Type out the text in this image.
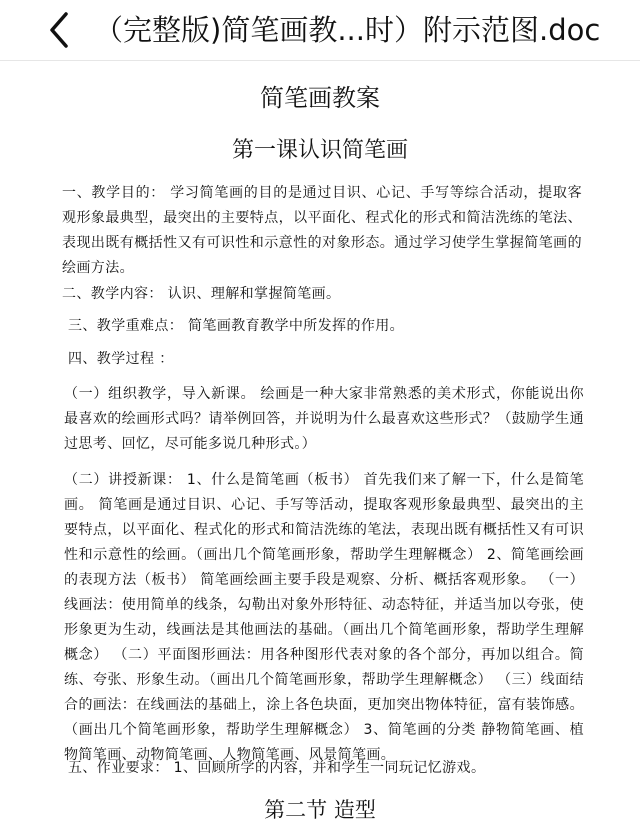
（完整版)简笔画教...时）附示范图.doc
简笔画教案
第一课认识简笔画
一、教学目的： 学习简笔画的目的是通过目识、心记、手写等综合活动，提取客观形象最典型，最突出的主要特点，以平面化、程式化的形式和简洁洗练的笔法、表现出既有概括性又有可识性和示意性的对象形态。通过学习使学生掌握简笔画的绘画方法。
二、教学内容： 认识、理解和掌握简笔画。
三、教学重难点： 简笔画教育教学中所发挥的作用。
四、教学过程 ：
（一）组织教学，导入新课。 绘画是一种大家非常熟悉的美术形式，你能说出你最喜欢的绘画形式吗？请举例回答，并说明为什么最喜欢这些形式？（鼓励学生通过思考、回忆，尽可能多说几种形式。）
（二）讲授新课： 1、什么是简笔画（板书） 首先我们来了解一下，什么是简笔画。 简笔画是通过目识、心记、手写等活动，提取客观形象最典型、最突出的主要特点，以平面化、程式化的形式和简洁洗练的笔法，表现出既有概括性又有可识性和示意性的绘画。（画出几个简笔画形象，帮助学生理解概念） 2、简笔画绘画的表现方法（板书） 简笔画绘画主要手段是观察、分析、概括客观形象。 （一）线画法：使用简单的线条，勾勒出对象外形特征、动态特征，并适当加以夸张，使形象更为生动，线画法是其他画法的基础。（画出几个简笔画形象，帮助学生理解概念） （二）平面图形画法：用各种图形代表对象的各个部分，再加以组合。简练、夸张、形象生动。（画出几个简笔画形象，帮助学生理解概念） （三）线面结合的画法：在线画法的基础上，涂上各色块面，更加突出物体特征，富有装饰感。（画出几个简笔画形象，帮助学生理解概念） 3、简笔画的分类 静物简笔画、植物简笔画、动物简笔画、人物简笔画、风景简笔画。
五、作业要求： 1、回顾所学的内容，并和学生一同玩记忆游戏。
第二节 造型
